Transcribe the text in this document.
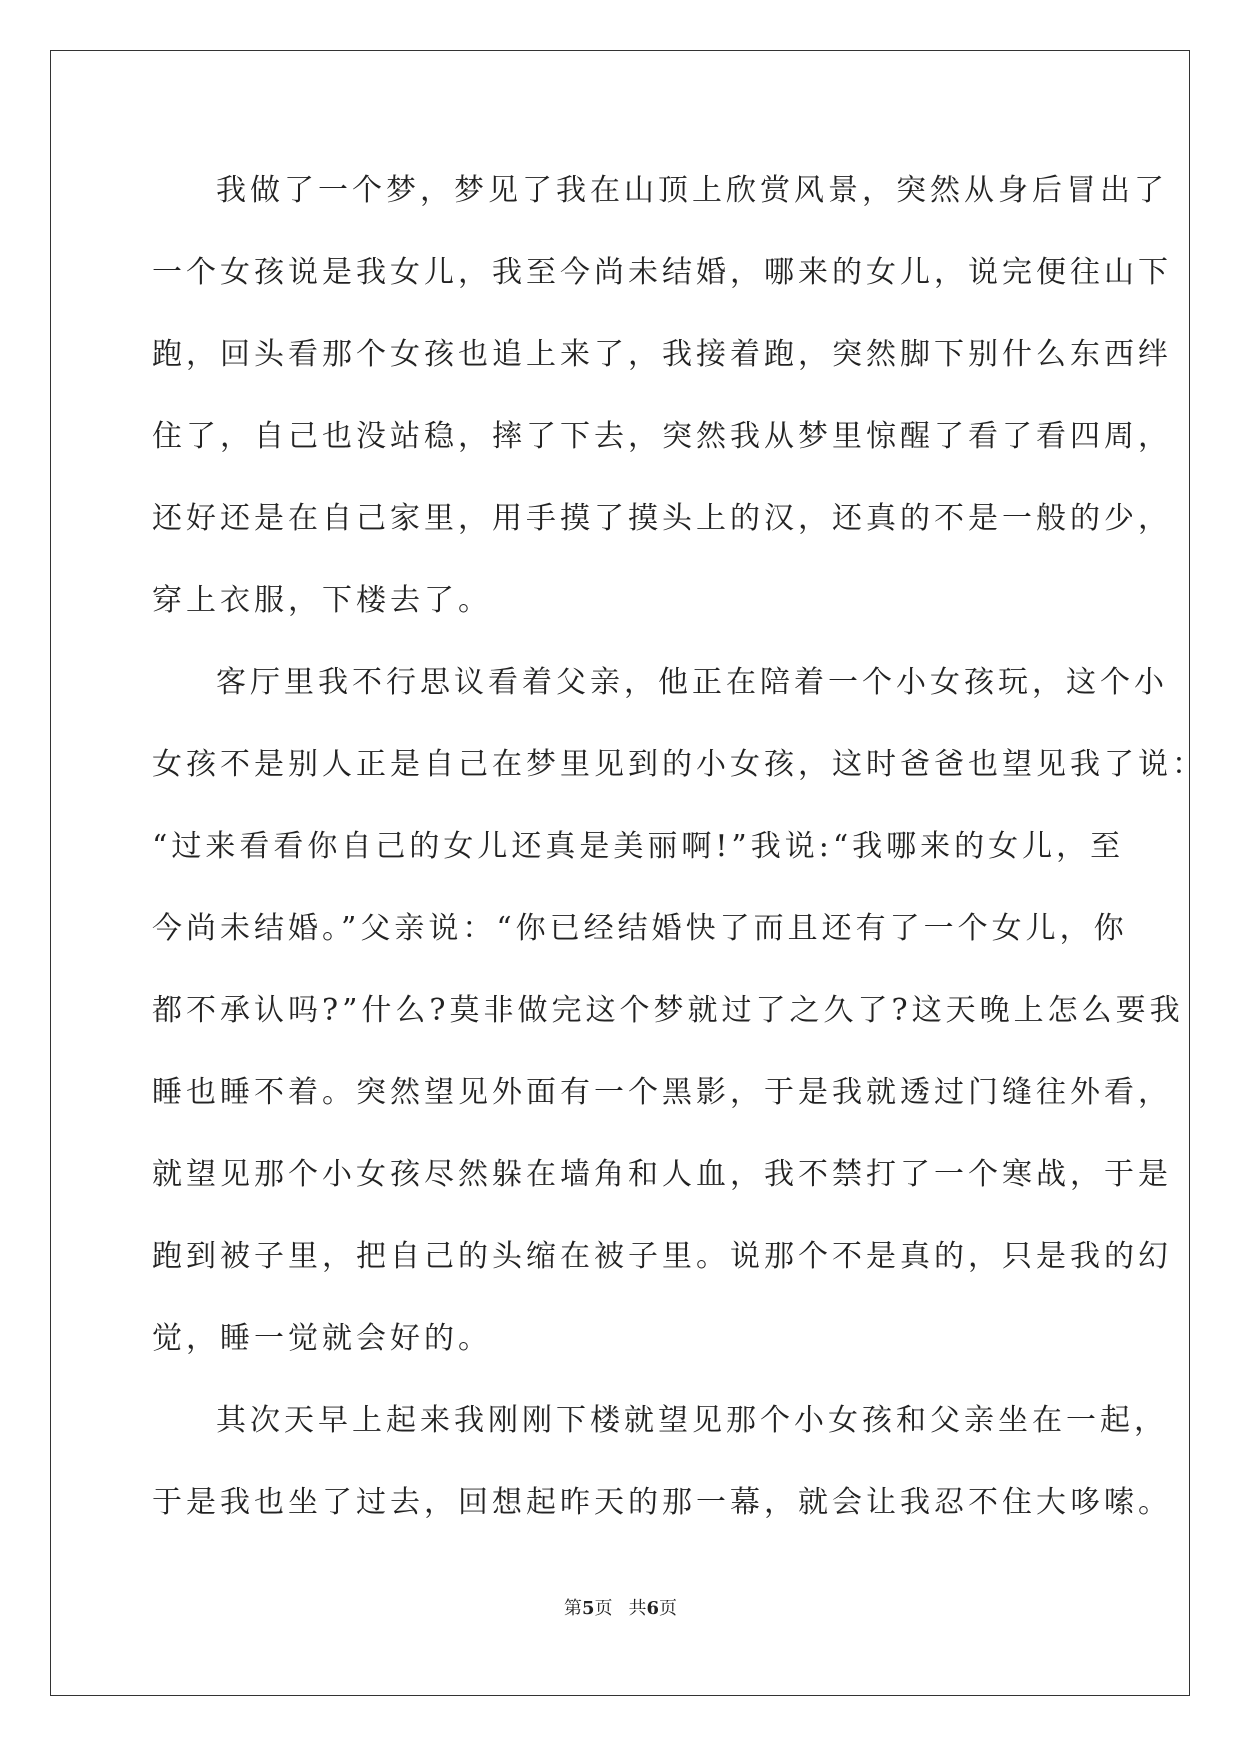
我做了一个梦，梦见了我在山顶上欣赏风景，突然从身后冒出了
一个女孩说是我女儿，我至今尚未结婚，哪来的女儿，说完便往山下
跑，回头看那个女孩也追上来了，我接着跑，突然脚下别什么东西绊
住了，自己也没站稳，摔了下去，突然我从梦里惊醒了看了看四周，
还好还是在自己家里，用手摸了摸头上的汉，还真的不是一般的少，
穿上衣服，下楼去了。
客厅里我不行思议看着父亲，他正在陪着一个小女孩玩，这个小
女孩不是别人正是自己在梦里见到的小女孩，这时爸爸也望见我了说：
“过来看看你自己的女儿还真是美丽啊!”我说:“我哪来的女儿，至
今尚未结婚。”父亲说：“你已经结婚快了而且还有了一个女儿，你
都不承认吗?”什么?莫非做完这个梦就过了之久了?这天晚上怎么要我
睡也睡不着。突然望见外面有一个黑影，于是我就透过门缝往外看，
就望见那个小女孩尽然躲在墙角和人血，我不禁打了一个寒战，于是
跑到被子里，把自己的头缩在被子里。说那个不是真的，只是我的幻
觉，睡一觉就会好的。
其次天早上起来我刚刚下楼就望见那个小女孩和父亲坐在一起，
于是我也坐了过去，回想起昨天的那一幕，就会让我忍不住大哆嗦。
第5页 共6页
